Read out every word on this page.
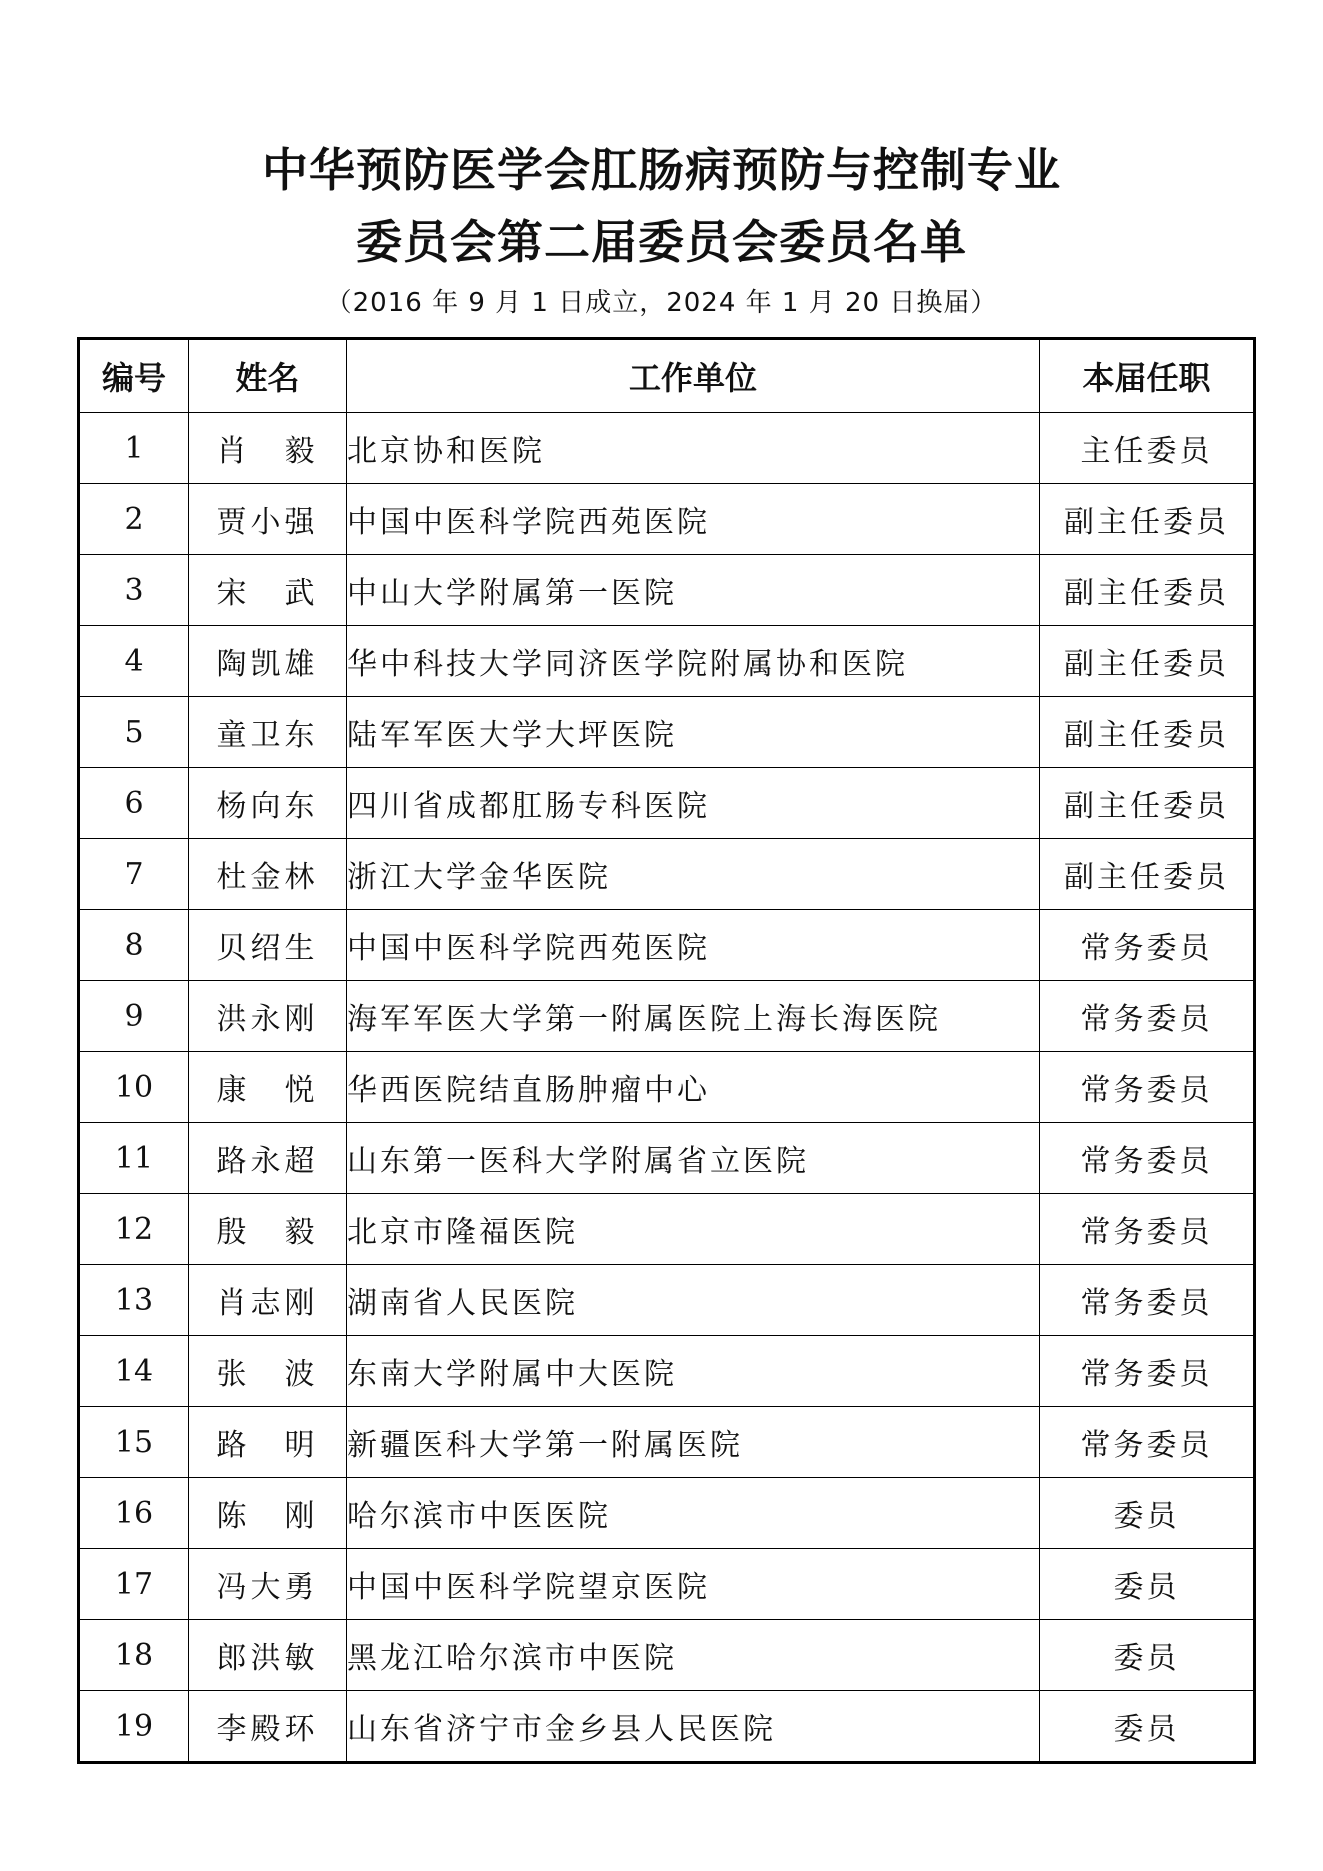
中华预防医学会肛肠病预防与控制专业
委员会第二届委员会委员名单
（2016 年 9 月 1 日成立，2024 年 1 月 20 日换届）
编号	姓名	工作单位	本届任职
1	肖　毅	北京协和医院	主任委员
2	贾小强	中国中医科学院西苑医院	副主任委员
3	宋　武	中山大学附属第一医院	副主任委员
4	陶凯雄	华中科技大学同济医学院附属协和医院	副主任委员
5	童卫东	陆军军医大学大坪医院	副主任委员
6	杨向东	四川省成都肛肠专科医院	副主任委员
7	杜金林	浙江大学金华医院	副主任委员
8	贝绍生	中国中医科学院西苑医院	常务委员
9	洪永刚	海军军医大学第一附属医院上海长海医院	常务委员
10	康　悦	华西医院结直肠肿瘤中心	常务委员
11	路永超	山东第一医科大学附属省立医院	常务委员
12	殷　毅	北京市隆福医院	常务委员
13	肖志刚	湖南省人民医院	常务委员
14	张　波	东南大学附属中大医院	常务委员
15	路　明	新疆医科大学第一附属医院	常务委员
16	陈　刚	哈尔滨市中医医院	委员
17	冯大勇	中国中医科学院望京医院	委员
18	郎洪敏	黑龙江哈尔滨市中医院	委员
19	李殿环	山东省济宁市金乡县人民医院	委员
